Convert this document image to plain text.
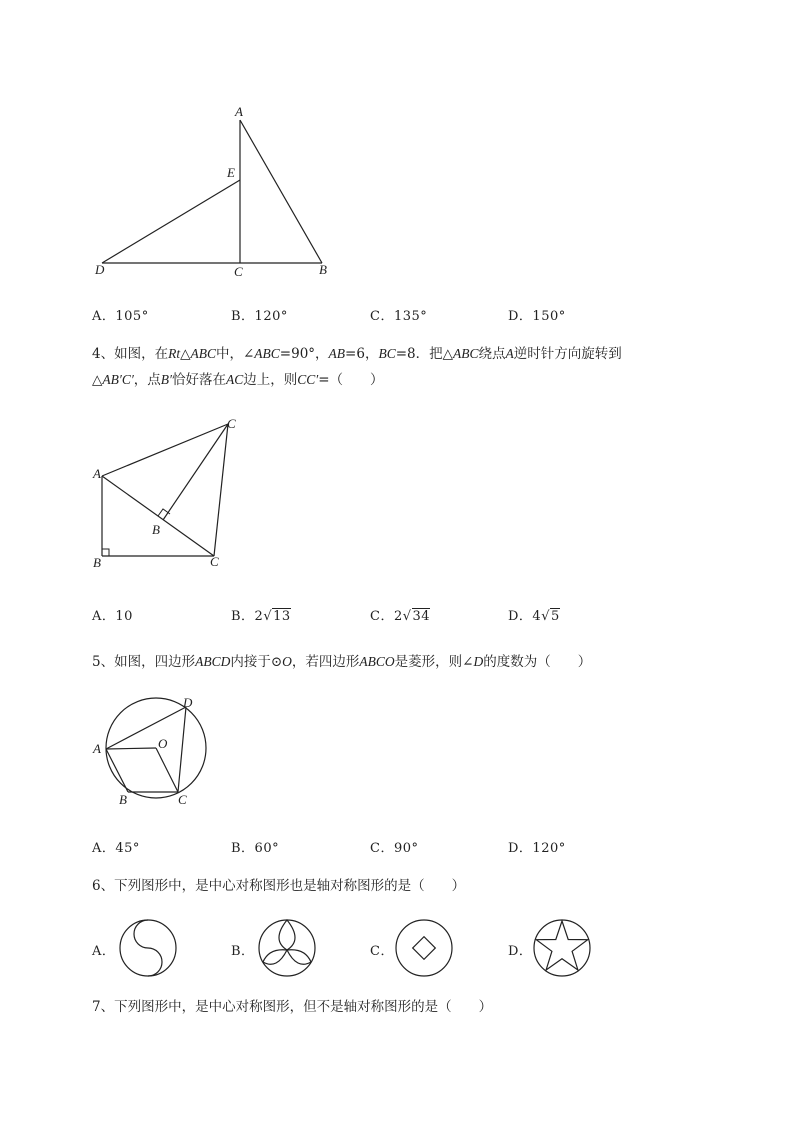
A
E
D	C	B
A．105°	B．120°	C．135°	D．150°
4、如图，在Rt△ABC中，∠ABC=90°，AB=6，BC=8．把△ABC绕点A逆时针方向旋转到
△AB′C′，点B′恰好落在AC边上，则CC′=（　　）
C
A
B
B	C
A．10	B．2√13	C．2√34	D．4√5
5、如图，四边形ABCD内接于⊙O，若四边形ABCO是菱形，则∠D的度数为（　　）
D
A	O
B	C
A．45°	B．60°	C．90°	D．120°
6、下列图形中，是中心对称图形也是轴对称图形的是（　　）
A．	B．	C．	D．
7、下列图形中，是中心对称图形，但不是轴对称图形的是（　　）
